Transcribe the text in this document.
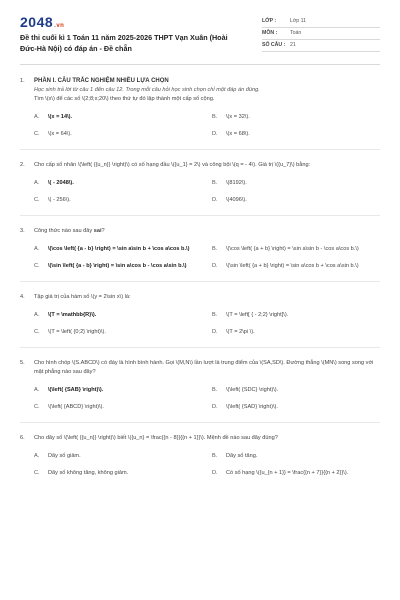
2048.vn
Đề thi cuối kì 1 Toán 11 năm 2025-2026 THPT Vạn Xuân (Hoài Đức-Hà Nội) có đáp án - Đề chẵn
LỚP :	Lớp 11
MÔN :	Toán
SỐ CÂU : 21
1. PHẦN I. CÂU TRẮC NGHIỆM NHIỀU LỰA CHỌN
Học sinh trả lời từ câu 1 đến câu 12. Trong mỗi câu hỏi học sinh chọn chỉ một đáp án đúng.
Tìm \(x\) để các số \(2;8;x;20\) theo thứ tự đó lập thành một cấp số cộng.
A. \(x = 14\).	B. \(x = 32\).
C. \(x = 64\).	D. \(x = 68\).
2. Cho cấp số nhân \(\left( {{u_n}} \right)\) có số hạng đầu \({u_1} = 2\) và công bội \(q = - 4\). Giá trị \({u_7}\) bằng:
A. \( - 2048\).	B. \(8192\).
C. \( - 256\).	D. \(4096\).
3. Công thức nào sau đây sai?
A. \(\cos \left( {a - b} \right) = \sin a\sin b + \cos a\cos b.\)	B. \(\cos \left( {a + b} \right) = \sin a\sin b - \cos a\cos b.\)
C. \(\sin \left( {a - b} \right) = \sin a\cos b - \cos a\sin b.\)	D. \(\sin \left( {a + b} \right) = \sin a\cos b + \cos a\sin b.\)
4. Tập giá trị của hàm số \(y = 2\sin x\) là:
A. \(T = \mathbb{R}\).	B. \(T = \left[ { - 2;2} \right]\).
C. \(T = \left( {0;2} \right)\).	D. \(T = 2\pi \).
5. Cho hình chóp \(S.ABCD\) có đáy là hình bình hành. Gọi \(M,N\) lần lượt là trung điểm của \(SA,SD\). Đường thẳng \(MN\) song song với mặt phẳng nào sau đây?
A. \(\left( {SAB} \right)\).	B. \(\left( {SDC} \right)\).
C. \(\left( {ABCD} \right)\).	D. \(\left( {SAD} \right)\).
6. Cho dãy số \(\left( {{u_n}} \right)\) biết \({u_n} = \frac{{n - 8}}{{n + 1}}\). Mệnh đề nào sau đây đúng?
A. Dãy số giảm.	B. Dãy số tăng.
C. Dãy số không tăng, không giảm.	D. Có số hạng \({u_{n + 1}} = \frac{{n + 7}}{{n + 2}}\).
